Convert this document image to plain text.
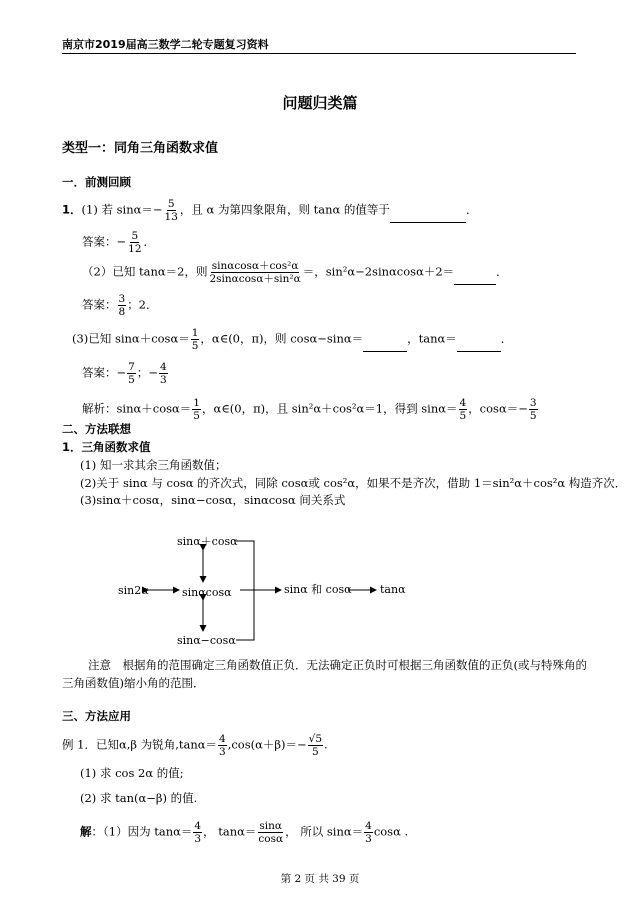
南京市2019届高三数学二轮专题复习资料
问题归类篇
类型一：同角三角函数求值
一．前测回顾
1．(1) 若 $\sin\alpha=- \frac{5}{13}$ ，且 α 为第四象限角，则 tanα 的值等于	．
答案：− $\frac{5}{12}$ ．
（2）已知 tanα＝2，则 $\frac{\text{sinαcosα＋cos²α}}{\text{2sinαcosα＋sin²α}}$ ＝，sin²α−2sinαcosα＋2＝	．
答案： $\frac{3}{8}$ ；2．
(3)已知 $\sin\alpha+\cos\alpha= \frac{1}{5}$ ，α∈(0，π)，则 cosα−sinα＝	，tanα＝	．
答案：− $\frac{7}{5}$ ；− $\frac{4}{3}$
解析：$\sin\alpha+\cos\alpha= \frac{1}{5}$ ，α∈(0，π)，且 sin²α＋cos²α＝1，得到 $\sin\alpha= \frac{4}{5}$ ，$\cos\alpha=- \frac{3}{5}$
二、方法联想
1．三角函数求值
(1) 知一求其余三角函数值；
(2)关于 sinα 与 cosα 的齐次式，同除 cosα或 cos²α，如果不是齐次，借助 1＝sin²α＋cos²α 构造齐次．
(3)sinα＋cosα，sinα−cosα，sinαcosα 间关系式
sinα＋cosα
sinαcosα
sin2α
sinα−cosα
sinα 和 cosα	tanα
注意　根据角的范围确定三角函数值正负．无法确定正负时可根据三角函数值的正负(或与特殊角的
三角函数值)缩小角的范围．
三、方法应用
例 1．已知α,β 为锐角$,\tan\alpha= \frac{4}{3} ,\cos(\alpha+\beta)=- \frac{√5}{5}$ .
(1) 求 cos 2α 的值;
(2) 求 tan(α−β) 的值.
解：（1）因为 $\tan\alpha= \frac{4}{3}$ ， $\tan\alpha= \frac{\sin\alpha}{\cos\alpha}$ ， 所以 $\sin\alpha= \frac{4}{3}$ cosα .
第 2 页 共 39 页
